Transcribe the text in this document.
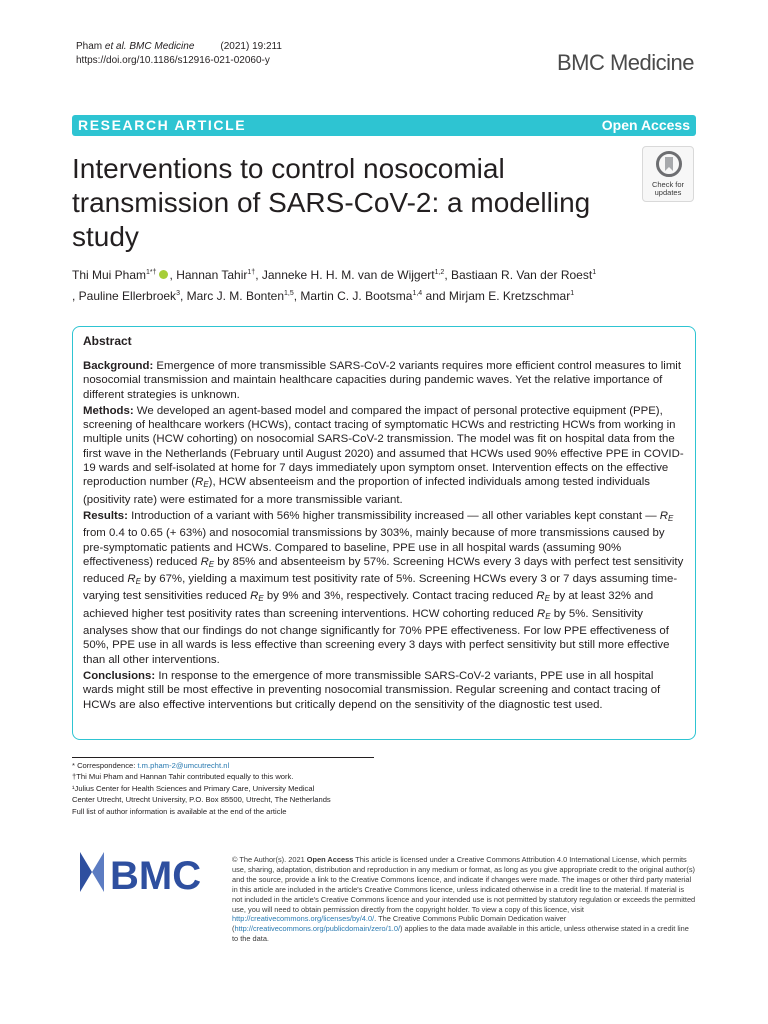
Pham et al. BMC Medicine	(2021) 19:211
https://doi.org/10.1186/s12916-021-02060-y	BMC Medicine
RESEARCH ARTICLE	Open Access
Interventions to control nosocomial transmission of SARS-CoV-2: a modelling study
Check for
updates
Thi Mui Pham$^{1*\dagger}$ , Hannan Tahir$^{1\dagger}$, Janneke H. H. M. van de Wijgert$^{1,2}$, Bastiaan R. Van der Roest$^1$
, Pauline Ellerbroek$^3$, Marc J. M. Bonten$^{1,5}$, Martin C. J. Bootsma$^{1,4}$ and Mirjam E. Kretzschmar$^1$
Abstract

Background: Emergence of more transmissible SARS-CoV-2 variants requires more efficient control measures to limit nosocomial transmission and maintain healthcare capacities during pandemic waves. Yet the relative importance of different strategies is unknown.

Methods: We developed an agent-based model and compared the impact of personal protective equipment (PPE), screening of healthcare workers (HCWs), contact tracing of symptomatic HCWs and restricting HCWs from working in multiple units (HCW cohorting) on nosocomial SARS-CoV-2 transmission. The model was fit on hospital data from the first wave in the Netherlands (February until August 2020) and assumed that HCWs used 90% effective PPE in COVID-19 wards and self-isolated at home for 7 days immediately upon symptom onset. Intervention effects on the effective reproduction number $(R_E)$, HCW absenteeism and the proportion of infected individuals among tested individuals (positivity rate) were estimated for a more transmissible variant.

Results: Introduction of a variant with 56% higher transmissibility increased — all other variables kept constant — $R_E$ from 0.4 to 0.65 (+ 63%) and nosocomial transmissions by 303%, mainly because of more transmissions caused by pre-symptomatic patients and HCWs. Compared to baseline, PPE use in all hospital wards (assuming 90% effectiveness) reduced $R_E$ by 85% and absenteeism by 57%. Screening HCWs every 3 days with perfect test sensitivity reduced $R_E$ by 67%, yielding a maximum test positivity rate of 5%. Screening HCWs every 3 or 7 days assuming time-varying test sensitivities reduced $R_E$ by 9% and 3%, respectively. Contact tracing reduced $R_E$ by at least 32% and achieved higher test positivity rates than screening interventions. HCW cohorting reduced $R_E$ by 5%. Sensitivity analyses show that our findings do not change significantly for 70% PPE effectiveness. For low PPE effectiveness of 50%, PPE use in all wards is less effective than screening every 3 days with perfect sensitivity but still more effective than all other interventions.

Conclusions: In response to the emergence of more transmissible SARS-CoV-2 variants, PPE use in all hospital wards might still be most effective in preventing nosocomial transmission. Regular screening and contact tracing of HCWs are also effective interventions but critically depend on the sensitivity of the diagnostic test used.

* Correspondence: t.m.pham-2@umcutrecht.nl
†Thi Mui Pham and Hannan Tahir contributed equally to this work.
¹Julius Center for Health Sciences and Primary Care, University Medical
Center Utrecht, Utrecht University, P.O. Box 85500, Utrecht, The Netherlands
Full list of author information is available at the end of the article
BMC	© The Author(s). 2021 Open Access This article is licensed under a Creative Commons Attribution 4.0 International License, which permits use, sharing, adaptation, distribution and reproduction in any medium or format, as long as you give appropriate credit to the original author(s) and the source, provide a link to the Creative Commons licence, and indicate if changes were made. The images or other third party material in this article are included in the article's Creative Commons licence, unless indicated otherwise in a credit line to the material. If material is not included in the article's Creative Commons licence and your intended use is not permitted by statutory regulation or exceeds the permitted use, you will need to obtain permission directly from the copyright holder. To view a copy of this licence, visit http://creativecommons.org/licenses/by/4.0/. The Creative Commons Public Domain Dedication waiver (http://creativecommons.org/publicdomain/zero/1.0/) applies to the data made available in this article, unless otherwise stated in a credit line to the data.
